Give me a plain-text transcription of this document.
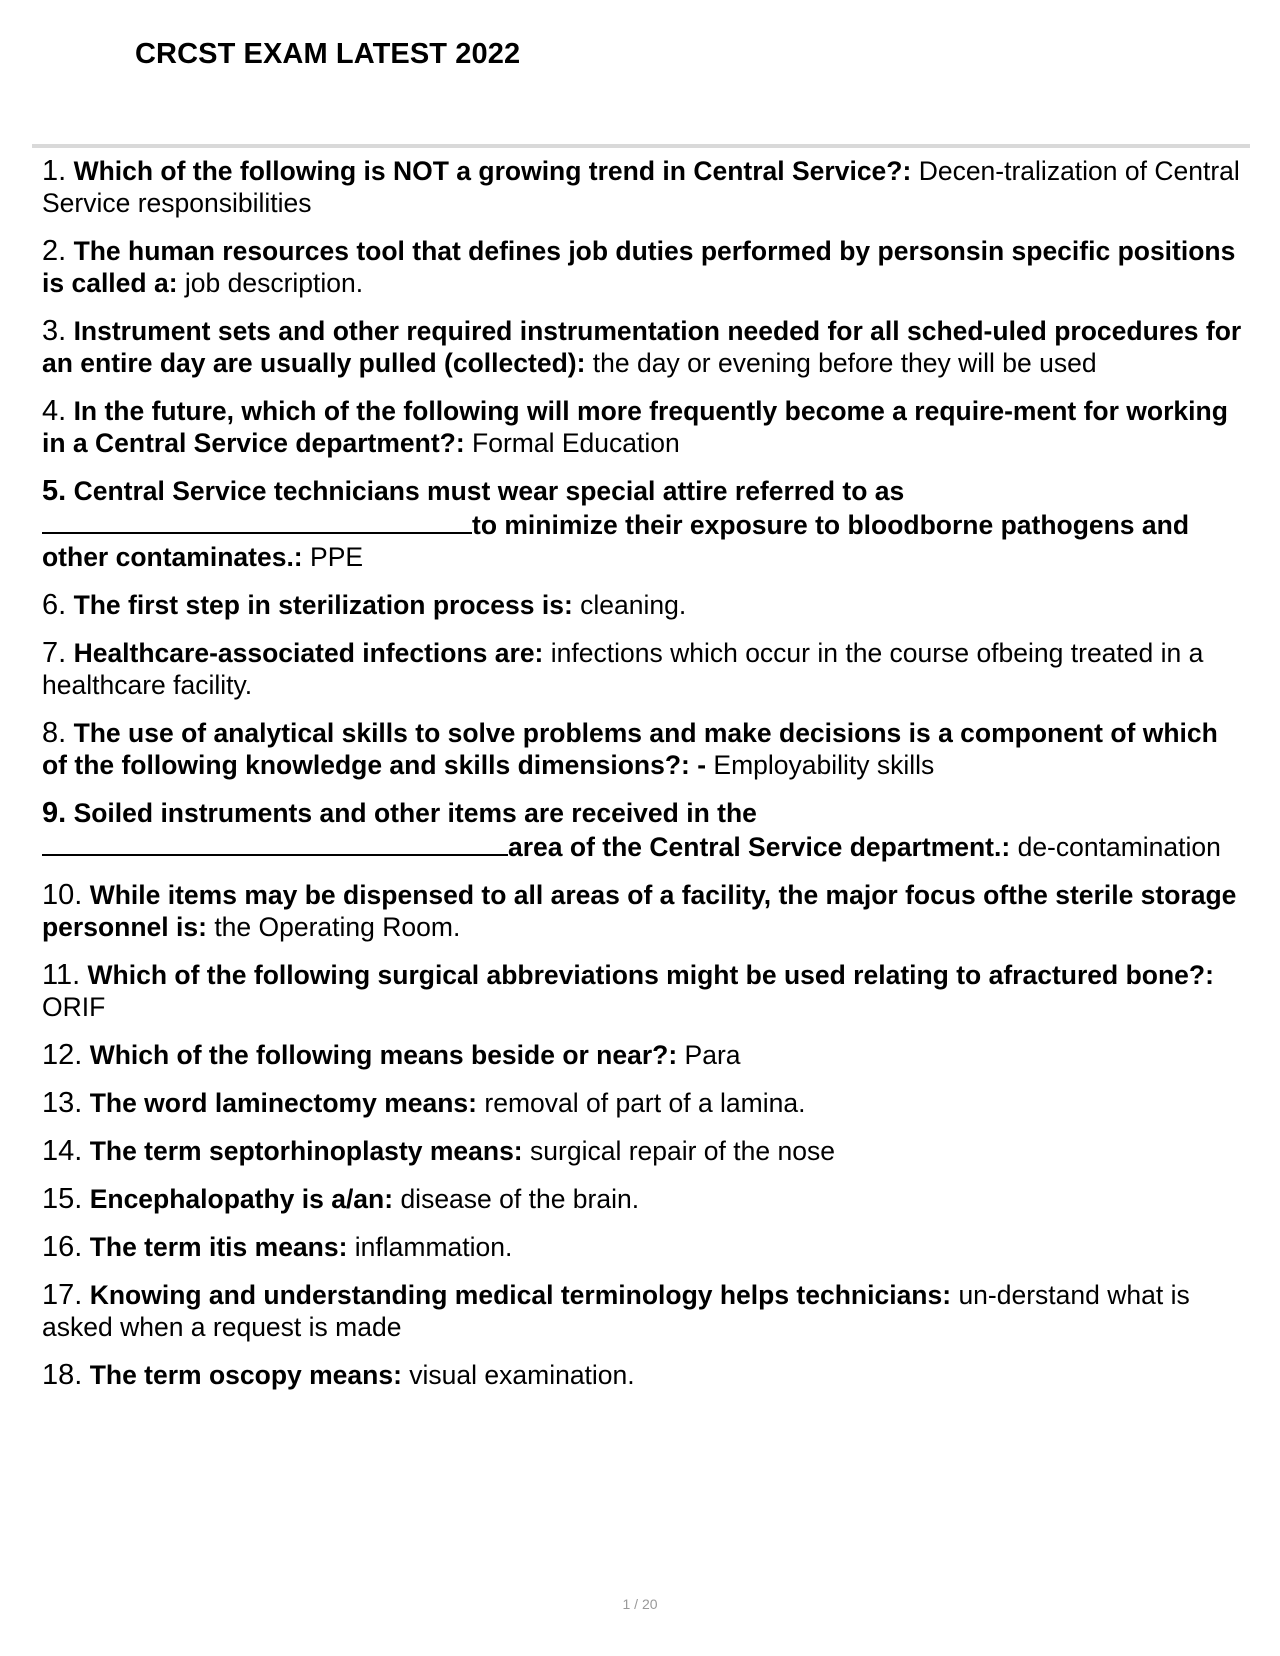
CRCST EXAM LATEST 2022
1. Which of the following is NOT a growing trend in Central Service?: Decen-tralization of Central Service responsibilities
2. The human resources tool that defines job duties performed by personsin specific positions is called a: job description.
3. Instrument sets and other required instrumentation needed for all sched-uled procedures for an entire day are usually pulled (collected): the day or evening before they will be used
4. In the future, which of the following will more frequently become a require-ment for working in a Central Service department?: Formal Education
5. Central Service technicians must wear special attire referred to as
to minimize their exposure to bloodborne pathogens and other contaminates.: PPE
6. The first step in sterilization process is: cleaning.
7. Healthcare-associated infections are: infections which occur in the course ofbeing treated in a healthcare facility.
8. The use of analytical skills to solve problems and make decisions is a component of which of the following knowledge and skills dimensions?: - Employability skills
9. Soiled instruments and other items are received in the
area of the Central Service department.: de-contamination
10. While items may be dispensed to all areas of a facility, the major focus ofthe sterile storage personnel is: the Operating Room.
11. Which of the following surgical abbreviations might be used relating to afractured bone?: ORIF
12. Which of the following means beside or near?: Para
13. The word laminectomy means: removal of part of a lamina.
14. The term septorhinoplasty means: surgical repair of the nose
15. Encephalopathy is a/an: disease of the brain.
16. The term itis means: inflammation.
17. Knowing and understanding medical terminology helps technicians: un-derstand what is asked when a request is made
18. The term oscopy means: visual examination.
1 / 20
